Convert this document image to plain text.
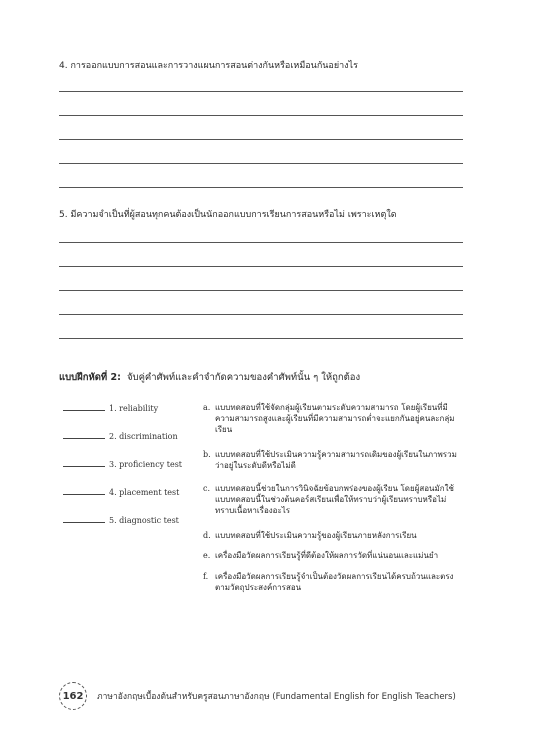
4. การออกแบบการสอนและการวางแผนการสอนต่างกันหรือเหมือนกันอย่างไร
5. มีความจำเป็นที่ผู้สอนทุกคนต้องเป็นนักออกแบบการเรียนการสอนหรือไม่ เพราะเหตุใด
แบบฝึกหัดที่ 2: จับคู่คำศัพท์และคำจำกัดความของคำศัพท์นั้น ๆ ให้ถูกต้อง
1. reliability
2. discrimination
3. proficiency test
4. placement test
5. diagnostic test
a. แบบทดสอบที่ใช้จัดกลุ่มผู้เรียนตามระดับความสามารถ โดยผู้เรียนที่มีความสามารถสูงและผู้เรียนที่มีความสามารถต่ำจะแยกกันอยู่คนละกลุ่มเรียน
b. แบบทดสอบที่ใช้ประเมินความรู้ความสามารถเดิมของผู้เรียนในภาพรวมว่าอยู่ในระดับดีหรือไม่ดี
c. แบบทดสอบนี้ช่วยในการวินิจฉัยข้อบกพร่องของผู้เรียน โดยผู้สอนมักใช้แบบทดสอบนี้ในช่วงต้นคอร์สเรียนเพื่อให้ทราบว่าผู้เรียนทราบหรือไม่ทราบเนื้อหาเรื่องอะไร
d. แบบทดสอบที่ใช้ประเมินความรู้ของผู้เรียนภายหลังการเรียน
e. เครื่องมือวัดผลการเรียนรู้ที่ดีต้องให้ผลการวัดที่แน่นอนและแม่นยำ
f. เครื่องมือวัดผลการเรียนรู้จำเป็นต้องวัดผลการเรียนได้ครบถ้วนและตรงตามวัตถุประสงค์การสอน
162	ภาษาอังกฤษเบื้องต้นสำหรับครูสอนภาษาอังกฤษ (Fundamental English for English Teachers)
